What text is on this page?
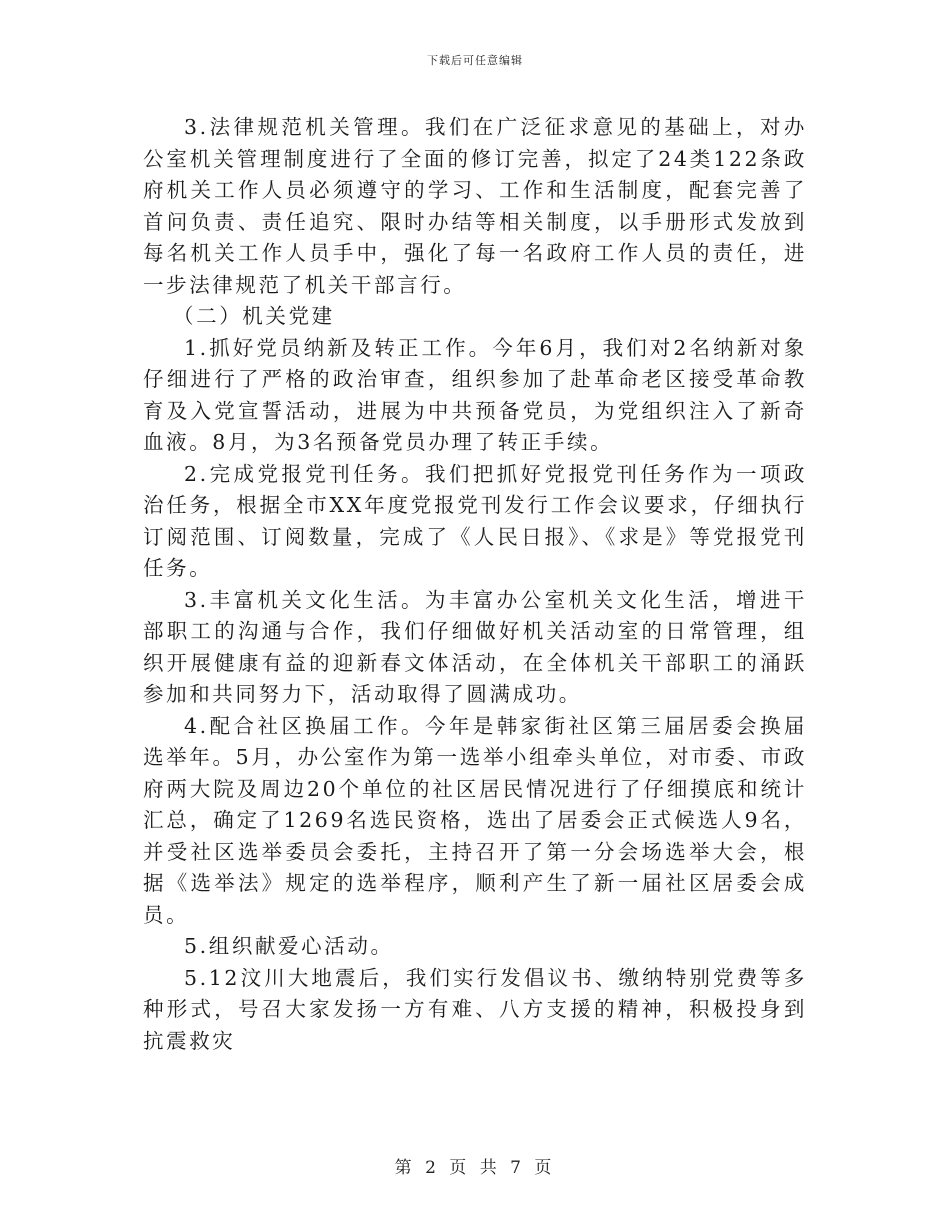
下载后可任意编辑

3.法律规范机关管理。我们在广泛征求意见的基础上，对办公室机关管理制度进行了全面的修订完善，拟定了24类122条政府机关工作人员必须遵守的学习、工作和生活制度，配套完善了首问负责、责任追究、限时办结等相关制度，以手册形式发放到每名机关工作人员手中，强化了每一名政府工作人员的责任，进一步法律规范了机关干部言行。

（二）机关党建

1.抓好党员纳新及转正工作。今年6月，我们对2名纳新对象仔细进行了严格的政治审查，组织参加了赴革命老区接受革命教育及入党宣誓活动，进展为中共预备党员，为党组织注入了新奇血液。8月，为3名预备党员办理了转正手续。

2.完成党报党刊任务。我们把抓好党报党刊任务作为一项政治任务，根据全市XX年度党报党刊发行工作会议要求，仔细执行订阅范围、订阅数量，完成了《人民日报》、《求是》等党报党刊任务。

3.丰富机关文化生活。为丰富办公室机关文化生活，增进干部职工的沟通与合作，我们仔细做好机关活动室的日常管理，组织开展健康有益的迎新春文体活动，在全体机关干部职工的涌跃参加和共同努力下，活动取得了圆满成功。

4.配合社区换届工作。今年是韩家街社区第三届居委会换届选举年。5月，办公室作为第一选举小组牵头单位，对市委、市政府两大院及周边20个单位的社区居民情况进行了仔细摸底和统计汇总，确定了1269名选民资格，选出了居委会正式候选人9名，并受社区选举委员会委托，主持召开了第一分会场选举大会，根据《选举法》规定的选举程序，顺利产生了新一届社区居委会成员。

5.组织献爱心活动。

5.12汶川大地震后，我们实行发倡议书、缴纳特别党费等多种形式，号召大家发扬一方有难、八方支援的精神，积极投身到抗震救灾

第 2 页 共 7 页
